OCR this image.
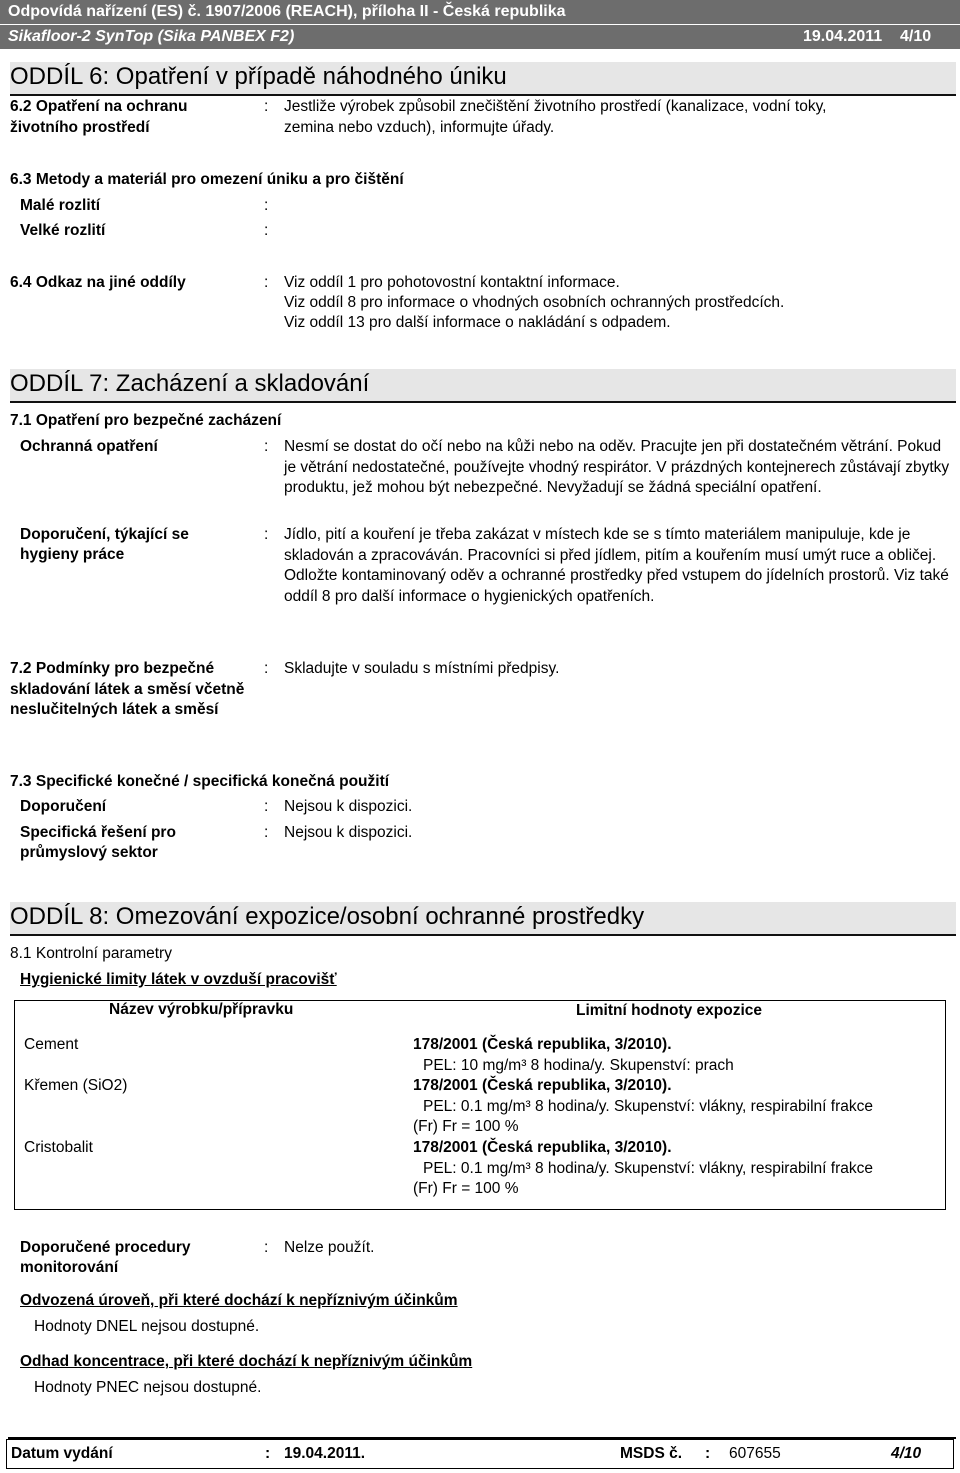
Odpovídá nařízení (ES) č. 1907/2006 (REACH), příloha II - Česká republika
Sikafloor-2 SynTop (Sika PANBEX F2)	19.04.2011 4/10
ODDÍL 6: Opatření v případě náhodného úniku
6.2 Opatření na ochranu
životního prostředí
: Jestliže výrobek způsobil znečištění životního prostředí (kanalizace, vodní toky,
zemina nebo vzduch), informujte úřady.
6.3 Metody a materiál pro omezení úniku a pro čištění
Malé rozlití	:
Velké rozlití	:
6.4 Odkaz na jiné oddíly	: Viz oddíl 1 pro pohotovostní kontaktní informace.
Viz oddíl 8 pro informace o vhodných osobních ochranných prostředcích.
Viz oddíl 13 pro další informace o nakládání s odpadem.
ODDÍL 7: Zacházení a skladování
7.1 Opatření pro bezpečné zacházení
Ochranná opatření	: Nesmí se dostat do očí nebo na kůži nebo na oděv. Pracujte jen při dostatečném větrání. Pokud je větrání nedostatečné, používejte vhodný respirátor. V prázdných kontejnerech zůstávají zbytky produktu, jež mohou být nebezpečné. Nevyžadují se žádná speciální opatření.
Doporučení, týkající se
hygieny práce
: Jídlo, pití a kouření je třeba zakázat v místech kde se s tímto materiálem manipuluje, kde je skladován a zpracováván. Pracovníci si před jídlem, pitím a kouřením musí umýt ruce a obličej. Odložte kontaminovaný oděv a ochranné prostředky před vstupem do jídelních prostorů. Viz také oddíl 8 pro další informace o hygienických opatřeních.
7.2 Podmínky pro bezpečné skladování látek a směsí včetně neslučitelných látek a směsí
: Skladujte v souladu s místními předpisy.
7.3 Specifické konečné / specifická konečná použití
Doporučení	: Nejsou k dispozici.
Specifická řešení pro
průmyslový sektor
: Nejsou k dispozici.
ODDÍL 8: Omezování expozice/osobní ochranné prostředky
8.1 Kontrolní parametry
Hygienické limity látek v ovzduší pracovišť
Název výrobku/přípravku	Limitní hodnoty expozice
Cement	178/2001 (Česká republika, 3/2010).
PEL: 10 mg/m³ 8 hodina/y. Skupenství: prach
Křemen (SiO2)	178/2001 (Česká republika, 3/2010).
PEL: 0.1 mg/m³ 8 hodina/y. Skupenství: vlákny, respirabilní frakce
(Fr) Fr = 100 %
Cristobalit	178/2001 (Česká republika, 3/2010).
PEL: 0.1 mg/m³ 8 hodina/y. Skupenství: vlákny, respirabilní frakce
(Fr) Fr = 100 %
Doporučené procedury
monitorování
: Nelze použít.
Odvozená úroveň, při které dochází k nepříznivým účinkům
Hodnoty DNEL nejsou dostupné.
Odhad koncentrace, při které dochází k nepříznivým účinkům
Hodnoty PNEC nejsou dostupné.
Datum vydání	: 19.04.2011.	MSDS č. : 607655	4/10
